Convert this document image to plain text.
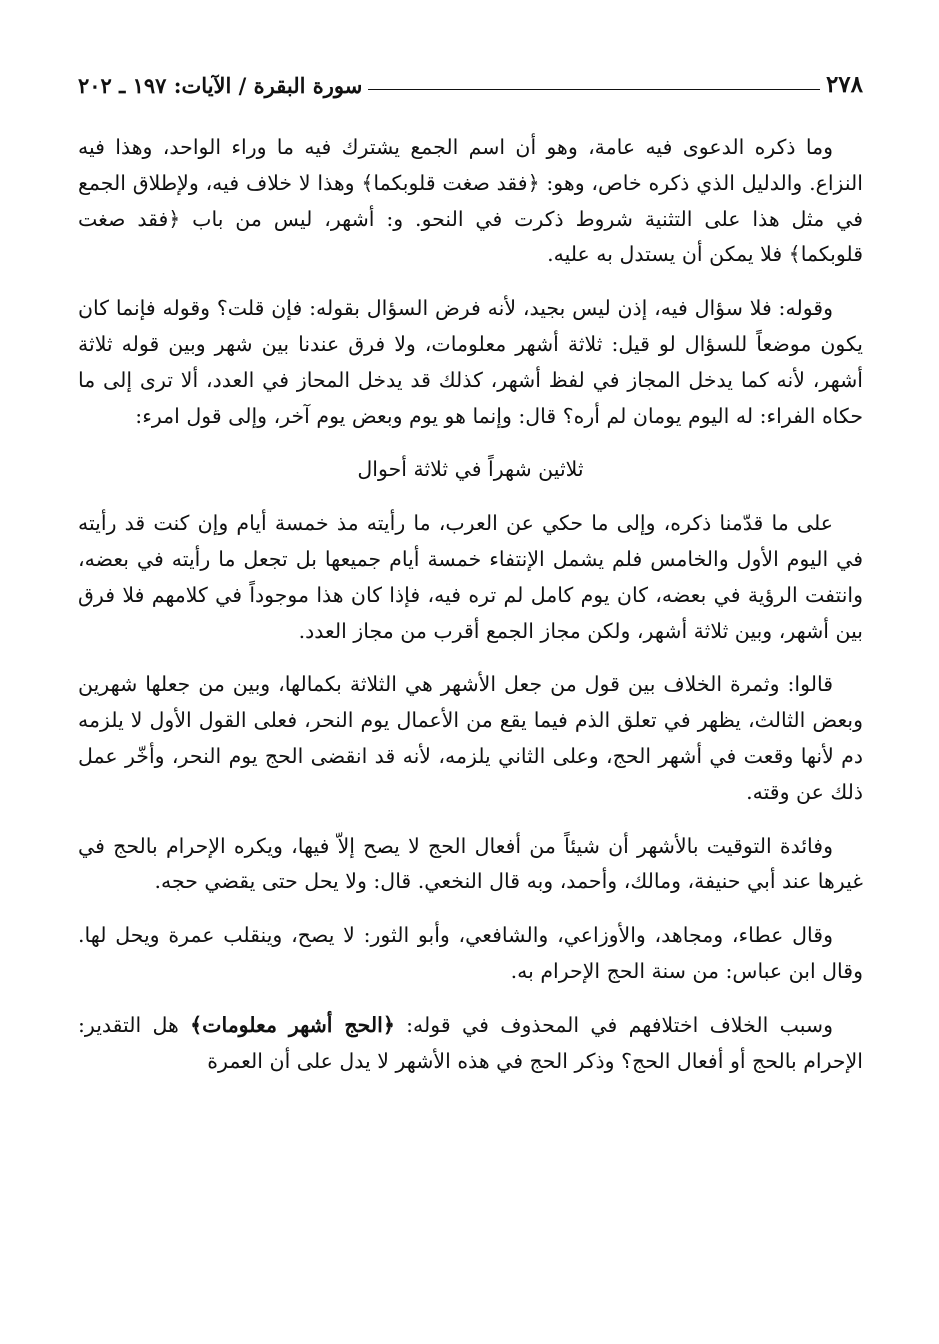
٢٧٨
سورة البقرة / الآيات: ١٩٧ ـ ٢٠٢

وما ذكره الدعوى فيه عامة، وهو أن اسم الجمع يشترك فيه ما وراء الواحد، وهذا فيه النزاع. والدليل الذي ذكره خاص، وهو: ﴿فقد صغت قلوبكما﴾ وهذا لا خلاف فيه، ولإطلاق الجمع في مثل هذا على التثنية شروط ذكرت في النحو. و: أشهر، ليس من باب ﴿فقد صغت قلوبكما﴾ فلا يمكن أن يستدل به عليه.

وقوله: فلا سؤال فيه، إذن ليس بجيد، لأنه فرض السؤال بقوله: فإن قلت؟ وقوله فإنما كان يكون موضعاً للسؤال لو قيل: ثلاثة أشهر معلومات، ولا فرق عندنا بين شهر وبين قوله ثلاثة أشهر، لأنه كما يدخل المجاز في لفظ أشهر، كذلك قد يدخل المحاز في العدد، ألا ترى إلى ما حكاه الفراء: له اليوم يومان لم أره؟ قال: وإنما هو يوم وبعض يوم آخر، وإلى قول امرء:

ثلاثين شهراً في ثلاثة أحوال

على ما قدّمنا ذكره، وإلى ما حكي عن العرب، ما رأيته مذ خمسة أيام وإن كنت قد رأيته في اليوم الأول والخامس فلم يشمل الإنتفاء خمسة أيام جميعها بل تجعل ما رأيته في بعضه، وانتفت الرؤية في بعضه، كان يوم كامل لم تره فيه، فإذا كان هذا موجوداً في كلامهم فلا فرق بين أشهر، وبين ثلاثة أشهر، ولكن مجاز الجمع أقرب من مجاز العدد.

قالوا: وثمرة الخلاف بين قول من جعل الأشهر هي الثلاثة بكمالها، وبين من جعلها شهرين وبعض الثالث، يظهر في تعلق الذم فيما يقع من الأعمال يوم النحر، فعلى القول الأول لا يلزمه دم لأنها وقعت في أشهر الحج، وعلى الثاني يلزمه، لأنه قد انقضى الحج يوم النحر، وأخّر عمل ذلك عن وقته.

وفائدة التوقيت بالأشهر أن شيئاً من أفعال الحج لا يصح إلاّ فيها، ويكره الإحرام بالحج في غيرها عند أبي حنيفة، ومالك، وأحمد، وبه قال النخعي. قال: ولا يحل حتى يقضي حجه.

وقال عطاء، ومجاهد، والأوزاعي، والشافعي، وأبو الثور: لا يصح، وينقلب عمرة ويحل لها. وقال ابن عباس: من سنة الحج الإحرام به.

وسبب الخلاف اختلافهم في المحذوف في قوله: ﴿الحج أشهر معلومات﴾ هل التقدير: الإحرام بالحج أو أفعال الحج؟ وذكر الحج في هذه الأشهر لا يدل على أن العمرة
